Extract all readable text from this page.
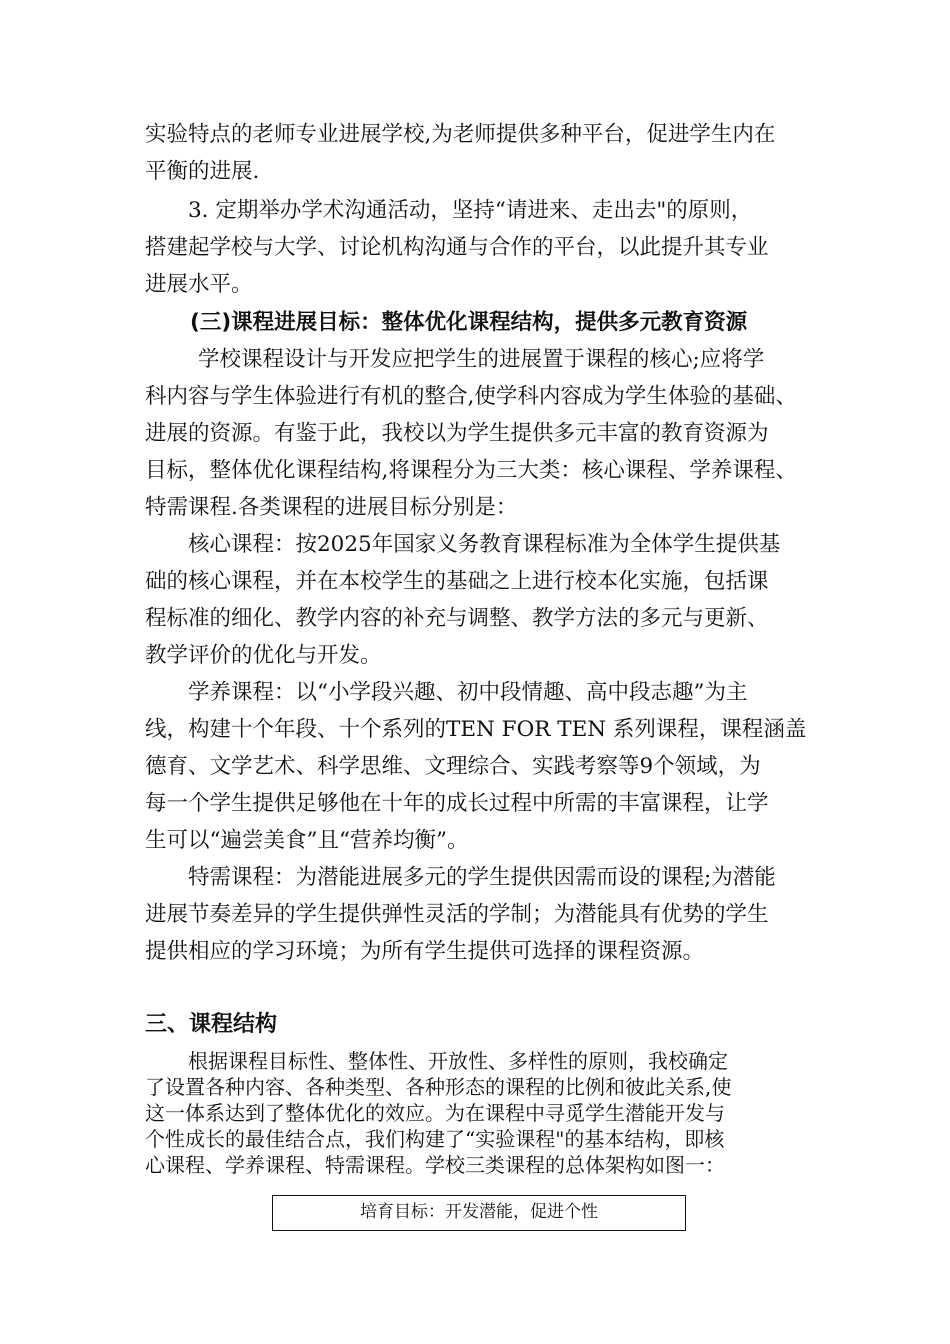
实验特点的老师专业进展学校,为老师提供多种平台，促进学生内在
平衡的进展.
3. 定期举办学术沟通活动，坚持“请进来、走出去"的原则，
搭建起学校与大学、讨论机构沟通与合作的平台，以此提升其专业
进展水平。
(三)课程进展目标：整体优化课程结构，提供多元教育资源
学校课程设计与开发应把学生的进展置于课程的核心;应将学
科内容与学生体验进行有机的整合,使学科内容成为学生体验的基础、
进展的资源。有鉴于此，我校以为学生提供多元丰富的教育资源为
目标，整体优化课程结构,将课程分为三大类：核心课程、学养课程、
特需课程.各类课程的进展目标分别是：
核心课程：按2025年国家义务教育课程标准为全体学生提供基
础的核心课程，并在本校学生的基础之上进行校本化实施，包括课
程标准的细化、教学内容的补充与调整、教学方法的多元与更新、
教学评价的优化与开发。
学养课程：以“小学段兴趣、初中段情趣、高中段志趣”为主
线，构建十个年段、十个系列的TEN FOR TEN 系列课程，课程涵盖
德育、文学艺术、科学思维、文理综合、实践考察等9个领域，为
每一个学生提供足够他在十年的成长过程中所需的丰富课程，让学
生可以“遍尝美食”且“营养均衡”。
特需课程：为潜能进展多元的学生提供因需而设的课程;为潜能
进展节奏差异的学生提供弹性灵活的学制；为潜能具有优势的学生
提供相应的学习环境；为所有学生提供可选择的课程资源。
三、课程结构
根据课程目标性、整体性、开放性、多样性的原则，我校确定
了设置各种内容、各种类型、各种形态的课程的比例和彼此关系,使
这一体系达到了整体优化的效应。为在课程中寻觅学生潜能开发与
个性成长的最佳结合点，我们构建了“实验课程"的基本结构，即核
心课程、学养课程、特需课程。学校三类课程的总体架构如图一：
培育目标：开发潜能，促进个性
